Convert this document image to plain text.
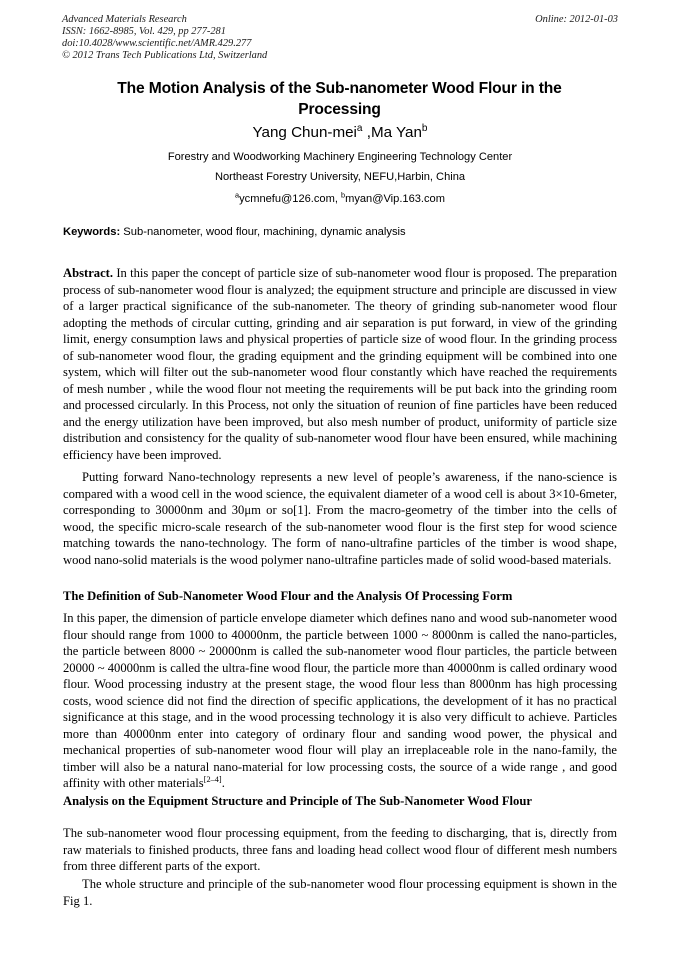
Advanced Materials Research	Online: 2012-01-03
ISSN: 1662-8985, Vol. 429, pp 277-281
doi:10.4028/www.scientific.net/AMR.429.277
© 2012 Trans Tech Publications Ltd, Switzerland
The Motion Analysis of the Sub-nanometer Wood Flour in the Processing
Yang Chun-mei$^a$ ,Ma Yan$^b$
Forestry and Woodworking Machinery Engineering Technology Center
Northeast Forestry University, NEFU,Harbin, China
$^a$ycmnefu@126.com, $^b$myan@Vip.163.com
Keywords: Sub-nanometer, wood flour, machining, dynamic analysis
Abstract. In this paper the concept of particle size of sub-nanometer wood flour is proposed. The preparation process of sub-nanometer wood flour is analyzed; the equipment structure and principle are discussed in view of a larger practical significance of the sub-nanometer. The theory of grinding sub-nanometer wood flour adopting the methods of circular cutting, grinding and air separation is put forward, in view of the grinding limit, energy consumption laws and physical properties of particle size of wood flour. In the grinding process of sub-nanometer wood flour, the grading equipment and the grinding equipment will be combined into one system, which will filter out the sub-nanometer wood flour constantly which have reached the requirements of mesh number , while the wood flour not meeting the requirements will be put back into the grinding room and processed circularly. In this Process, not only the situation of reunion of fine particles have been reduced and the energy utilization have been improved, but also mesh number of product, uniformity of particle size distribution and consistency for the quality of sub-nanometer wood flour have been ensured, while machining efficiency have been improved.
Putting forward Nano-technology represents a new level of people’s awareness, if the nano-science is compared with a wood cell in the wood science, the equivalent diameter of a wood cell is about 3×10-6meter, corresponding to 30000nm and 30μm or so[1]. From the macro-geometry of the timber into the cells of wood, the specific micro-scale research of the sub-nanometer wood flour is the first step for wood science matching towards the nano-technology. The form of nano-ultrafine particles of the timber is wood shape, wood nano-solid materials is the wood polymer nano-ultrafine particles made of solid wood-based materials.
The Definition of Sub-Nanometer Wood Flour and the Analysis Of Processing Form
In this paper, the dimension of particle envelope diameter which defines nano and wood sub-nanometer wood flour should range from 1000 to 40000nm, the particle between 1000 ~ 8000nm is called the nano-particles, the particle between 8000 ~ 20000nm is called the sub-nanometer wood flour particles, the particle between 20000 ~ 40000nm is called the ultra-fine wood flour, the particle more than 40000nm is called ordinary wood flour. Wood processing industry at the present stage, the wood flour less than 8000nm has high processing costs, wood science did not find the direction of specific applications, the development of it has no practical significance at this stage, and in the wood processing technology it is also very difficult to achieve. Particles more than 40000nm enter into category of ordinary flour and sanding wood power, the physical and mechanical properties of sub-nanometer wood flour will play an irreplaceable role in the nano-family, the timber will also be a natural nano-material for low processing costs, the source of a wide range , and good affinity with other materials[2–4].
Analysis on the Equipment Structure and Principle of The Sub-Nanometer Wood Flour
The sub-nanometer wood flour processing equipment, from the feeding to discharging, that is, directly from raw materials to finished products, three fans and loading head collect wood flour of different mesh numbers from three different parts of the export.
The whole structure and principle of the sub-nanometer wood flour processing equipment is shown in the Fig 1.
